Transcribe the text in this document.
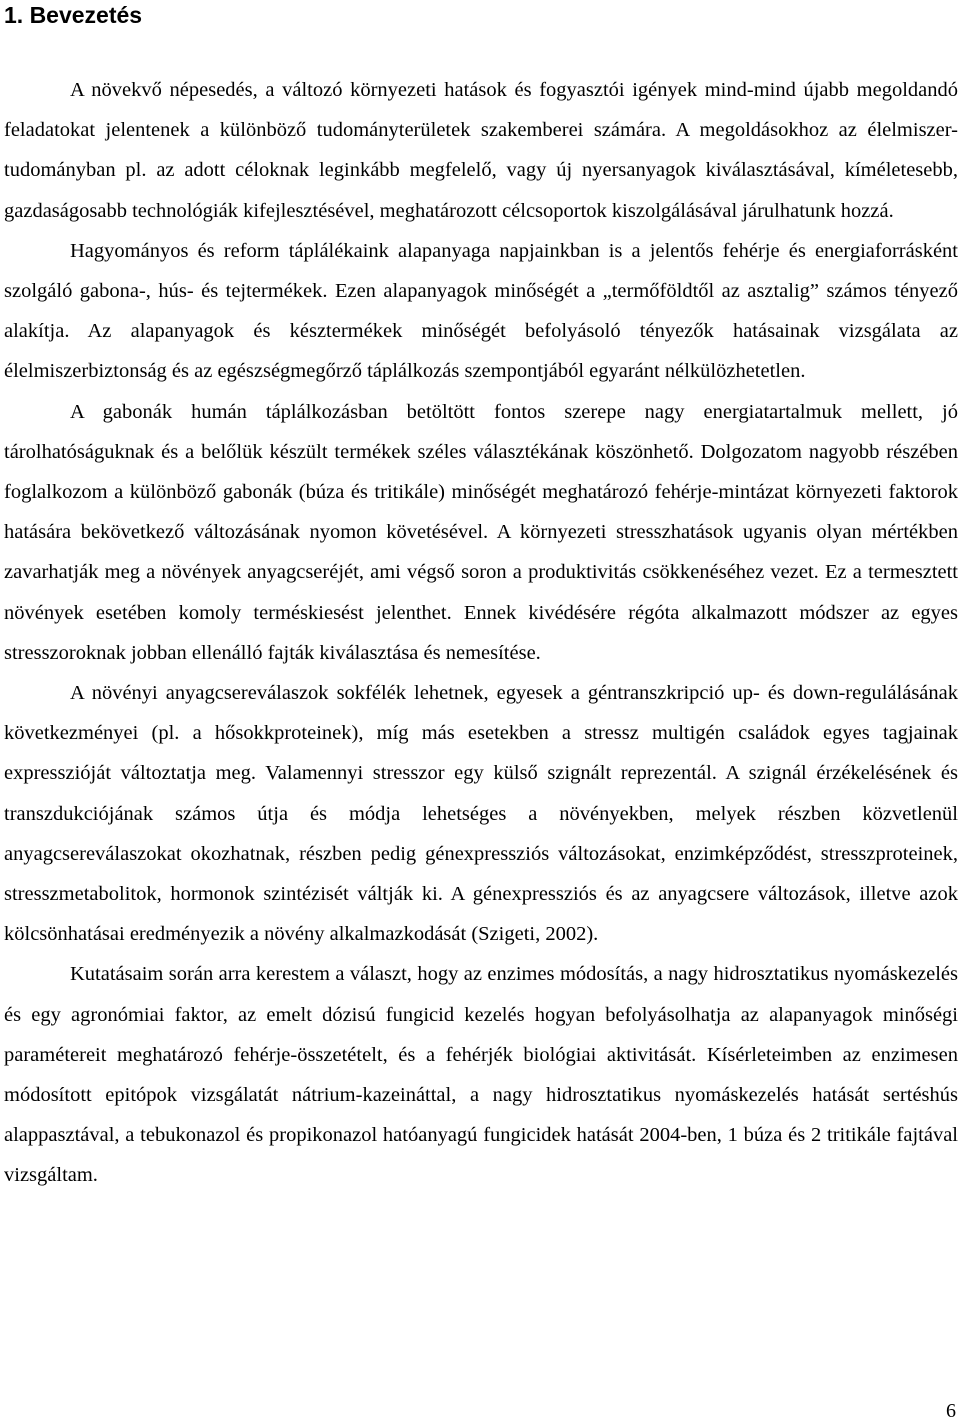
1. Bevezetés

A növekvő népesedés, a változó környezeti hatások és fogyasztói igények mind-mind újabb megoldandó feladatokat jelentenek a különböző tudományterületek szakemberei számára. A megoldásokhoz az élelmiszer-tudományban pl. az adott céloknak leginkább megfelelő, vagy új nyersanyagok kiválasztásával, kíméletesebb, gazdaságosabb technológiák kifejlesztésével, meghatározott célcsoportok kiszolgálásával járulhatunk hozzá.

Hagyományos és reform táplálékaink alapanyaga napjainkban is a jelentős fehérje és energiaforrásként szolgáló gabona-, hús- és tejtermékek. Ezen alapanyagok minőségét a „termőföldtől az asztalig” számos tényező alakítja. Az alapanyagok és késztermékek minőségét befolyásoló tényezők hatásainak vizsgálata az élelmiszerbiztonság és az egészségmegőrző táplálkozás szempontjából egyaránt nélkülözhetetlen.

A gabonák humán táplálkozásban betöltött fontos szerepe nagy energiatartalmuk mellett, jó tárolhatóságuknak és a belőlük készült termékek széles választékának köszönhető. Dolgozatom nagyobb részében foglalkozom a különböző gabonák (búza és tritikále) minőségét meghatározó fehérje-mintázat környezeti faktorok hatására bekövetkező változásának nyomon követésével. A környezeti stresszhatások ugyanis olyan mértékben zavarhatják meg a növények anyagcseréjét, ami végső soron a produktivitás csökkenéséhez vezet. Ez a termesztett növények esetében komoly terméskiesést jelenthet. Ennek kivédésére régóta alkalmazott módszer az egyes stresszoroknak jobban ellenálló fajták kiválasztása és nemesítése.

A növényi anyagcsereválaszok sokfélék lehetnek, egyesek a géntranszkripció up- és down-regulálásának következményei (pl. a hősokkproteinek), míg más esetekben a stressz multigén családok egyes tagjainak expresszióját változtatja meg. Valamennyi stresszor egy külső szignált reprezentál. A szignál érzékelésének és transzdukciójának számos útja és módja lehetséges a növényekben, melyek részben közvetlenül anyagcsereválaszokat okozhatnak, részben pedig génexpressziós változásokat, enzimképződést, stresszproteinek, stresszmetabolitok, hormonok szintézisét váltják ki. A génexpressziós és az anyagcsere változások, illetve azok kölcsönhatásai eredményezik a növény alkalmazkodását (Szigeti, 2002).

Kutatásaim során arra kerestem a választ, hogy az enzimes módosítás, a nagy hidrosztatikus nyomáskezelés és egy agronómiai faktor, az emelt dózisú fungicid kezelés hogyan befolyásolhatja az alapanyagok minőségi paramétereit meghatározó fehérje-összetételt, és a fehérjék biológiai aktivitását. Kísérleteimben az enzimesen módosított epitópok vizsgálatát nátrium-kazeináttal, a nagy hidrosztatikus nyomáskezelés hatását sertéshús alappasztával, a tebukonazol és propikonazol hatóanyagú fungicidek hatását 2004-ben, 1 búza és 2 tritikále fajtával vizsgáltam.

6
